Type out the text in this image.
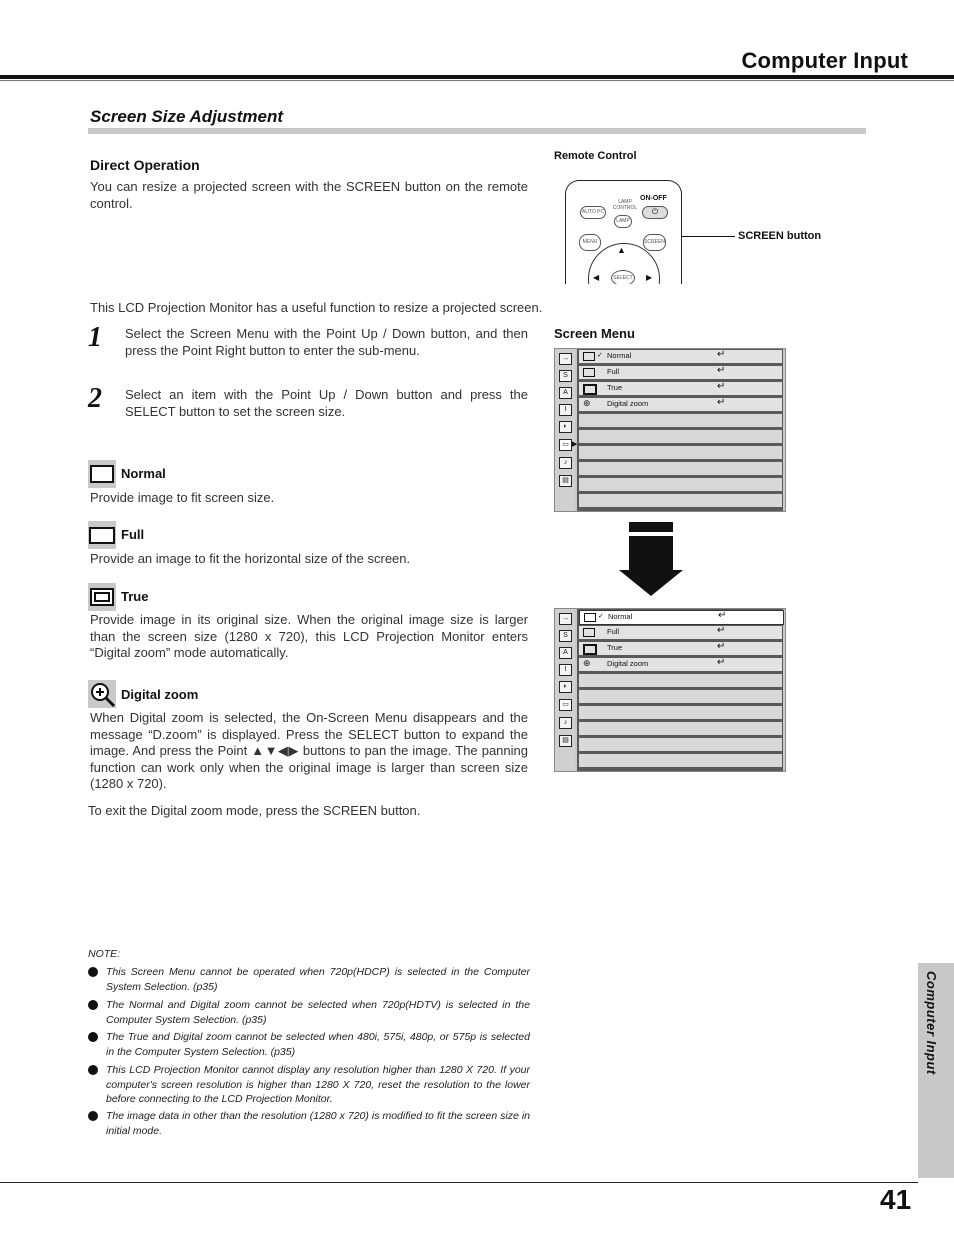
Computer Input
Screen Size Adjustment
Direct Operation
You can resize a projected screen with the SCREEN button on the remote control.
Remote Control
AUTO PC
LAMP CONTROL
LAMP
ON-OFF
⏻
MENU	SCREEN
▲
◀	▶
SELECT
SCREEN button
This LCD Projection Monitor has a useful function to resize a projected screen.
1 Select the Screen Menu with the Point Up / Down button, and then press the Point Right button to enter the sub-menu.
2 Select an item with the Point Up / Down button and press the SELECT button to set the screen size.
Normal
Provide image to fit screen size.
Full
Provide an image to fit the horizontal size of the screen.
True
Provide image in its original size. When the original image size is larger than the screen size (1280 x 720), this LCD Projection Monitor enters “Digital zoom” mode automatically.
Digital zoom
When Digital zoom is selected, the On-Screen Menu disappears and the message “D.zoom” is displayed. Press the SELECT button to expand the image. And press the Point ▲▼◀▶ buttons to pan the image. The panning function can work only when the original image is larger than screen size (1280 x 720).
To exit the Digital zoom mode, press the SCREEN button.
Screen Menu
→
S
A
I
◐
▭
♪
▤
▶
✓ Normal	↵
Full	↵
True	↵
⊕ Digital zoom	↵
→
S
A
I
◐
▭
♪
▤
✓ Normal	↵
Full	↵
True	↵
⊕ Digital zoom	↵
NOTE:
This Screen Menu cannot be operated when 720p(HDCP) is selected in the Computer System Selection. (p35)
The Normal and Digital zoom cannot be selected when 720p(HDTV) is selected in the Computer System Selection. (p35)
The True and Digital zoom cannot be selected when 480i, 575i, 480p, or 575p is selected in the Computer System Selection. (p35)
This LCD Projection Monitor cannot display any resolution higher than 1280 X 720. If your computer's screen resolution is higher than 1280 X 720, reset the resolution to the lower before connecting to the LCD Projection Monitor.
The image data in other than the resolution (1280 x 720) is modified to fit the screen size in initial mode.
Computer Input
41
